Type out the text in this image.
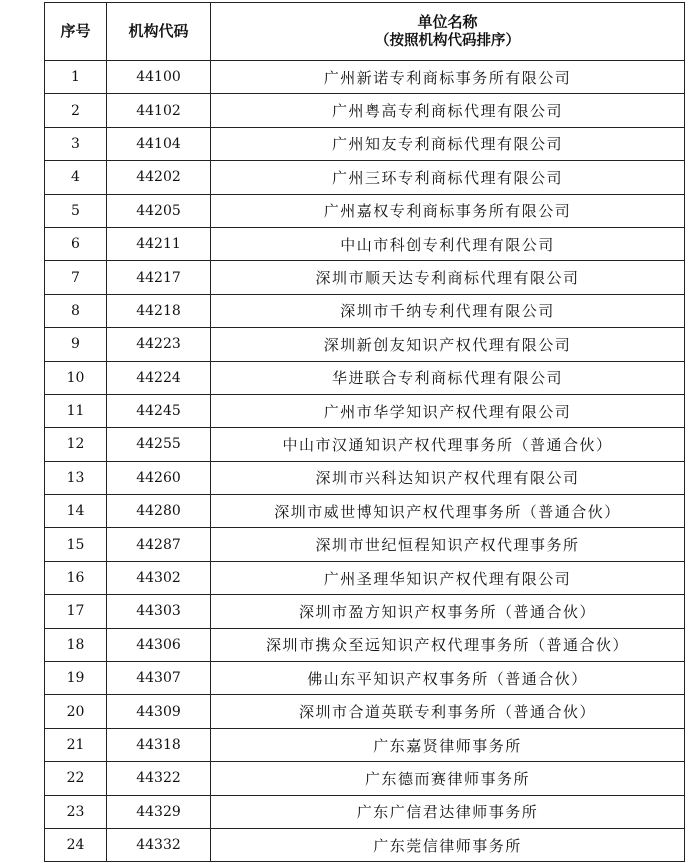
序号	机构代码	单位名称
（按照机构代码排序）

1	44100	广州新诺专利商标事务所有限公司
2	44102	广州粤高专利商标代理有限公司
3	44104	广州知友专利商标代理有限公司
4	44202	广州三环专利商标代理有限公司
5	44205	广州嘉权专利商标事务所有限公司
6	44211	中山市科创专利代理有限公司
7	44217	深圳市顺天达专利商标代理有限公司
8	44218	深圳市千纳专利代理有限公司
9	44223	深圳新创友知识产权代理有限公司
10	44224	华进联合专利商标代理有限公司
11	44245	广州市华学知识产权代理有限公司
12	44255	中山市汉通知识产权代理事务所（普通合伙）
13	44260	深圳市兴科达知识产权代理有限公司
14	44280	深圳市威世博知识产权代理事务所（普通合伙）
15	44287	深圳市世纪恒程知识产权代理事务所
16	44302	广州圣理华知识产权代理有限公司
17	44303	深圳市盈方知识产权事务所（普通合伙）
18	44306	深圳市携众至远知识产权代理事务所（普通合伙）
19	44307	佛山东平知识产权事务所（普通合伙）
20	44309	深圳市合道英联专利事务所（普通合伙）
21	44318	广东嘉贤律师事务所
22	44322	广东德而赛律师事务所
23	44329	广东广信君达律师事务所
24	44332	广东莞信律师事务所
